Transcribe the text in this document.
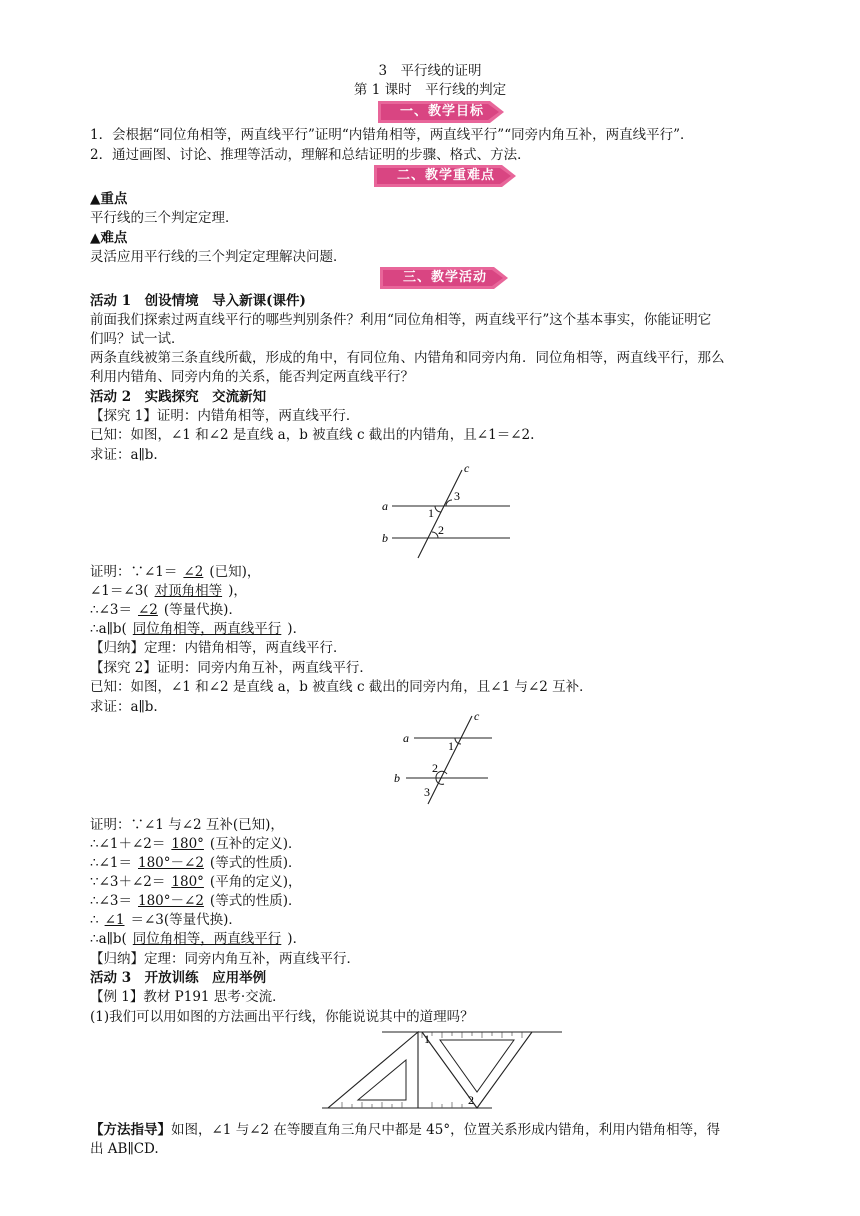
3　平行线的证明
第 1 课时　平行线的判定
一、教学目标
1．会根据“同位角相等，两直线平行”证明“内错角相等，两直线平行”“同旁内角互补，两直线平行”．
2．通过画图、讨论、推理等活动，理解和总结证明的步骤、格式、方法．
二、教学重难点
▲重点
平行线的三个判定定理．
▲难点
灵活应用平行线的三个判定定理解决问题．
三、教学活动
活动 1　创设情境　导入新课(课件)
前面我们探索过两直线平行的哪些判别条件？利用“同位角相等，两直线平行”这个基本事实，你能证明它
们吗？试一试．
两条直线被第三条直线所截，形成的角中，有同位角、内错角和同旁内角．同位角相等，两直线平行，那么
利用内错角、同旁内角的关系，能否判定两直线平行？
活动 2　实践探究　交流新知
【探究 1】证明：内错角相等，两直线平行．
已知：如图，∠1 和∠2 是直线 a，b 被直线 c 截出的内错角，且∠1＝∠2.
求证：a∥b.
a
b
c
3
1
2
证明：∵∠1＝ ∠2 (已知)，
∠1＝∠3( 对顶角相等 )，
∴∠3＝ ∠2 (等量代换)．
∴a∥b( 同位角相等，两直线平行 )．
【归纳】定理：内错角相等，两直线平行．
【探究 2】证明：同旁内角互补，两直线平行．
已知：如图，∠1 和∠2 是直线 a，b 被直线 c 截出的同旁内角，且∠1 与∠2 互补．
求证：a∥b.
a
b
c
1
2
3
证明：∵∠1 与∠2 互补(已知)，
∴∠1＋∠2＝ 180° (互补的定义)．
∴∠1＝ 180°－∠2 (等式的性质)．
∵∠3＋∠2＝ 180° (平角的定义)，
∴∠3＝ 180°－∠2 (等式的性质)．
∴ ∠1 ＝∠3(等量代换)．
∴a∥b( 同位角相等，两直线平行 )．
【归纳】定理：同旁内角互补，两直线平行．
活动 3　开放训练　应用举例
【例 1】教材 P191 思考·交流．
(1)我们可以用如图的方法画出平行线，你能说说其中的道理吗？
1
2
【方法指导】如图，∠1 与∠2 在等腰直角三角尺中都是 45°，位置关系形成内错角，利用内错角相等，得
出 AB∥CD.
